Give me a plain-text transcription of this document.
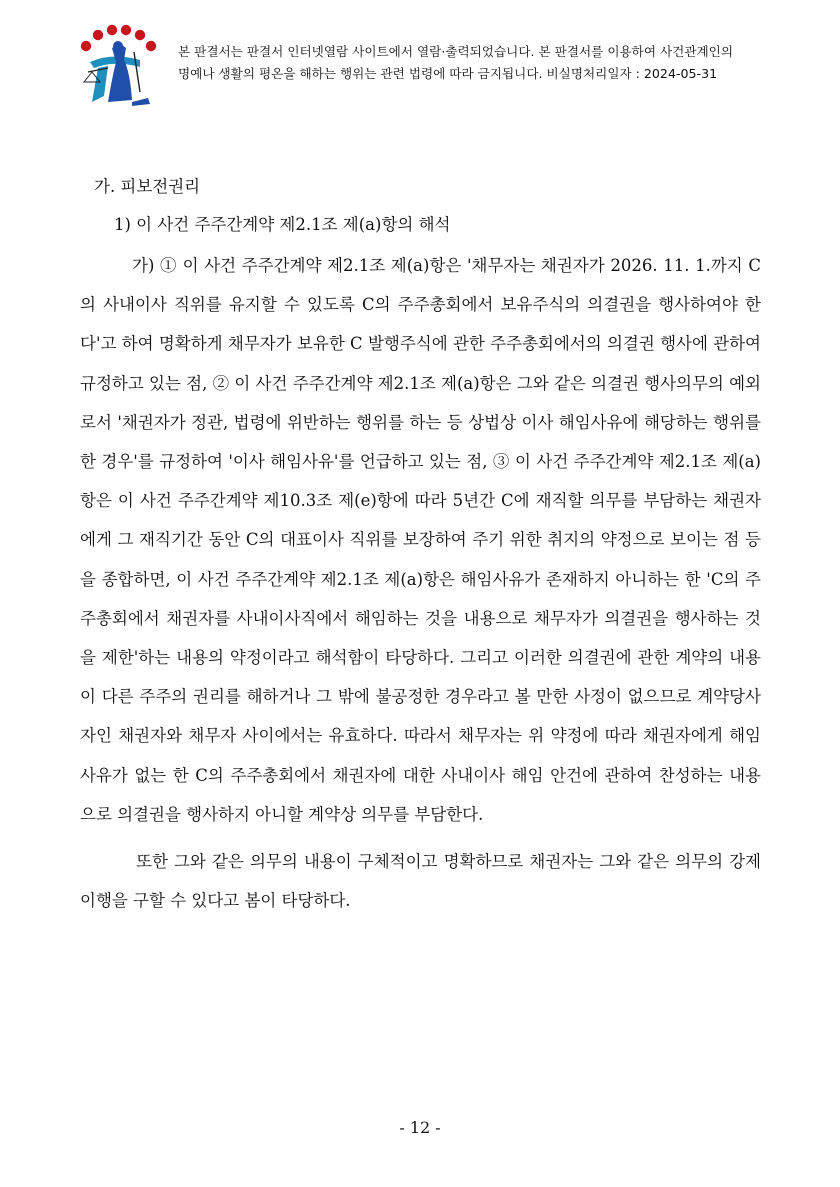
본 판결서는 판결서 인터넷열람 사이트에서 열람·출력되었습니다. 본 판결서를 이용하여 사건관계인의
명예나 생활의 평온을 해하는 행위는 관련 법령에 따라 금지됩니다. 비실명처리일자 : 2024-05-31
가. 피보전권리
1) 이 사건 주주간계약 제2.1조 제(a)항의 해석

가) ① 이 사건 주주간계약 제2.1조 제(a)항은 '채무자는 채권자가 2026. 11. 1.까지 C의 사내이사 직위를 유지할 수 있도록 C의 주주총회에서 보유주식의 의결권을 행사하여야 한다'고 하여 명확하게 채무자가 보유한 C 발행주식에 관한 주주총회에서의 의결권 행사에 관하여 규정하고 있는 점, ② 이 사건 주주간계약 제2.1조 제(a)항은 그와 같은 의결권 행사의무의 예외로서 '채권자가 정관, 법령에 위반하는 행위를 하는 등 상법상 이사 해임사유에 해당하는 행위를 한 경우'를 규정하여 '이사 해임사유'를 언급하고 있는 점, ③ 이 사건 주주간계약 제2.1조 제(a)항은 이 사건 주주간계약 제10.3조 제(e)항에 따라 5년간 C에 재직할 의무를 부담하는 채권자에게 그 재직기간 동안 C의 대표이사 직위를 보장하여 주기 위한 취지의 약정으로 보이는 점 등을 종합하면, 이 사건 주주간계약 제2.1조 제(a)항은 해임사유가 존재하지 아니하는 한 'C의 주주총회에서 채권자를 사내이사직에서 해임하는 것을 내용으로 채무자가 의결권을 행사하는 것을 제한'하는 내용의 약정이라고 해석함이 타당하다. 그리고 이러한 의결권에 관한 계약의 내용이 다른 주주의 권리를 해하거나 그 밖에 불공정한 경우라고 볼 만한 사정이 없으므로 계약당사자인 채권자와 채무자 사이에서는 유효하다. 따라서 채무자는 위 약정에 따라 채권자에게 해임사유가 없는 한 C의 주주총회에서 채권자에 대한 사내이사 해임 안건에 관하여 찬성하는 내용으로 의결권을 행사하지 아니할 계약상 의무를 부담한다.

또한 그와 같은 의무의 내용이 구체적이고 명확하므로 채권자는 그와 같은 의무의 강제이행을 구할 수 있다고 봄이 타당하다.

- 12 -
